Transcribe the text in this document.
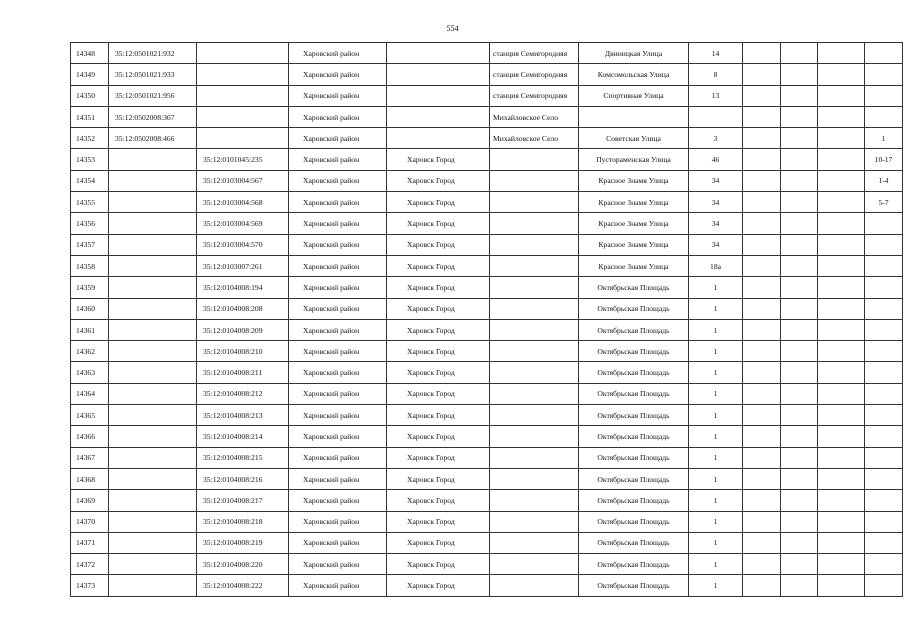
554
14348	35:12:0501021:932		Харовский район		станция Семигородняя	Двиницкая Улица	14				
14349	35:12:0501021:933		Харовский район		станция Семигородняя	Комсомольская Улица	8				
14350	35:12:0501021:956		Харовский район		станция Семигородняя	Спортивная Улица	13				
14351	35:12:0502008:367		Харовский район		Михайловское Село						
14352	35:12:0502008:466		Харовский район		Михайловское Село	Советская Улица	3				1
14353		35:12:0101045:235	Харовский район	Харовск Город		Пустораменская Улица	46				10-17
14354		35:12:0103004:567	Харовский район	Харовск Город		Красное Знамя Улица	34				1-4
14355		35:12:0103004:568	Харовский район	Харовск Город		Красное Знамя Улица	34				5-7
14356		35:12:0103004:569	Харовский район	Харовск Город		Красное Знамя Улица	34				
14357		35:12:0103004:570	Харовский район	Харовск Город		Красное Знамя Улица	34				
14358		35:12:0103007:261	Харовский район	Харовск Город		Красное Знамя Улица	18а				
14359		35:12:0104008:194	Харовский район	Харовск Город		Октябрьская Площадь	1				
14360		35:12:0104008:208	Харовский район	Харовск Город		Октябрьская Площадь	1				
14361		35:12:0104008:209	Харовский район	Харовск Город		Октябрьская Площадь	1				
14362		35:12:0104008:210	Харовский район	Харовск Город		Октябрьская Площадь	1				
14363		35:12:0104008:211	Харовский район	Харовск Город		Октябрьская Площадь	1				
14364		35:12:0104008:212	Харовский район	Харовск Город		Октябрьская Площадь	1				
14365		35:12:0104008:213	Харовский район	Харовск Город		Октябрьская Площадь	1				
14366		35:12:0104008:214	Харовский район	Харовск Город		Октябрьская Площадь	1				
14367		35:12:0104008:215	Харовский район	Харовск Город		Октябрьская Площадь	1				
14368		35:12:0104008:216	Харовский район	Харовск Город		Октябрьская Площадь	1				
14369		35:12:0104008:217	Харовский район	Харовск Город		Октябрьская Площадь	1				
14370		35:12:0104008:218	Харовский район	Харовск Город		Октябрьская Площадь	1				
14371		35:12:0104008:219	Харовский район	Харовск Город		Октябрьская Площадь	1				
14372		35:12:0104008:220	Харовский район	Харовск Город		Октябрьская Площадь	1				
14373		35:12:0104008:222	Харовский район	Харовск Город		Октябрьская Площадь	1				
